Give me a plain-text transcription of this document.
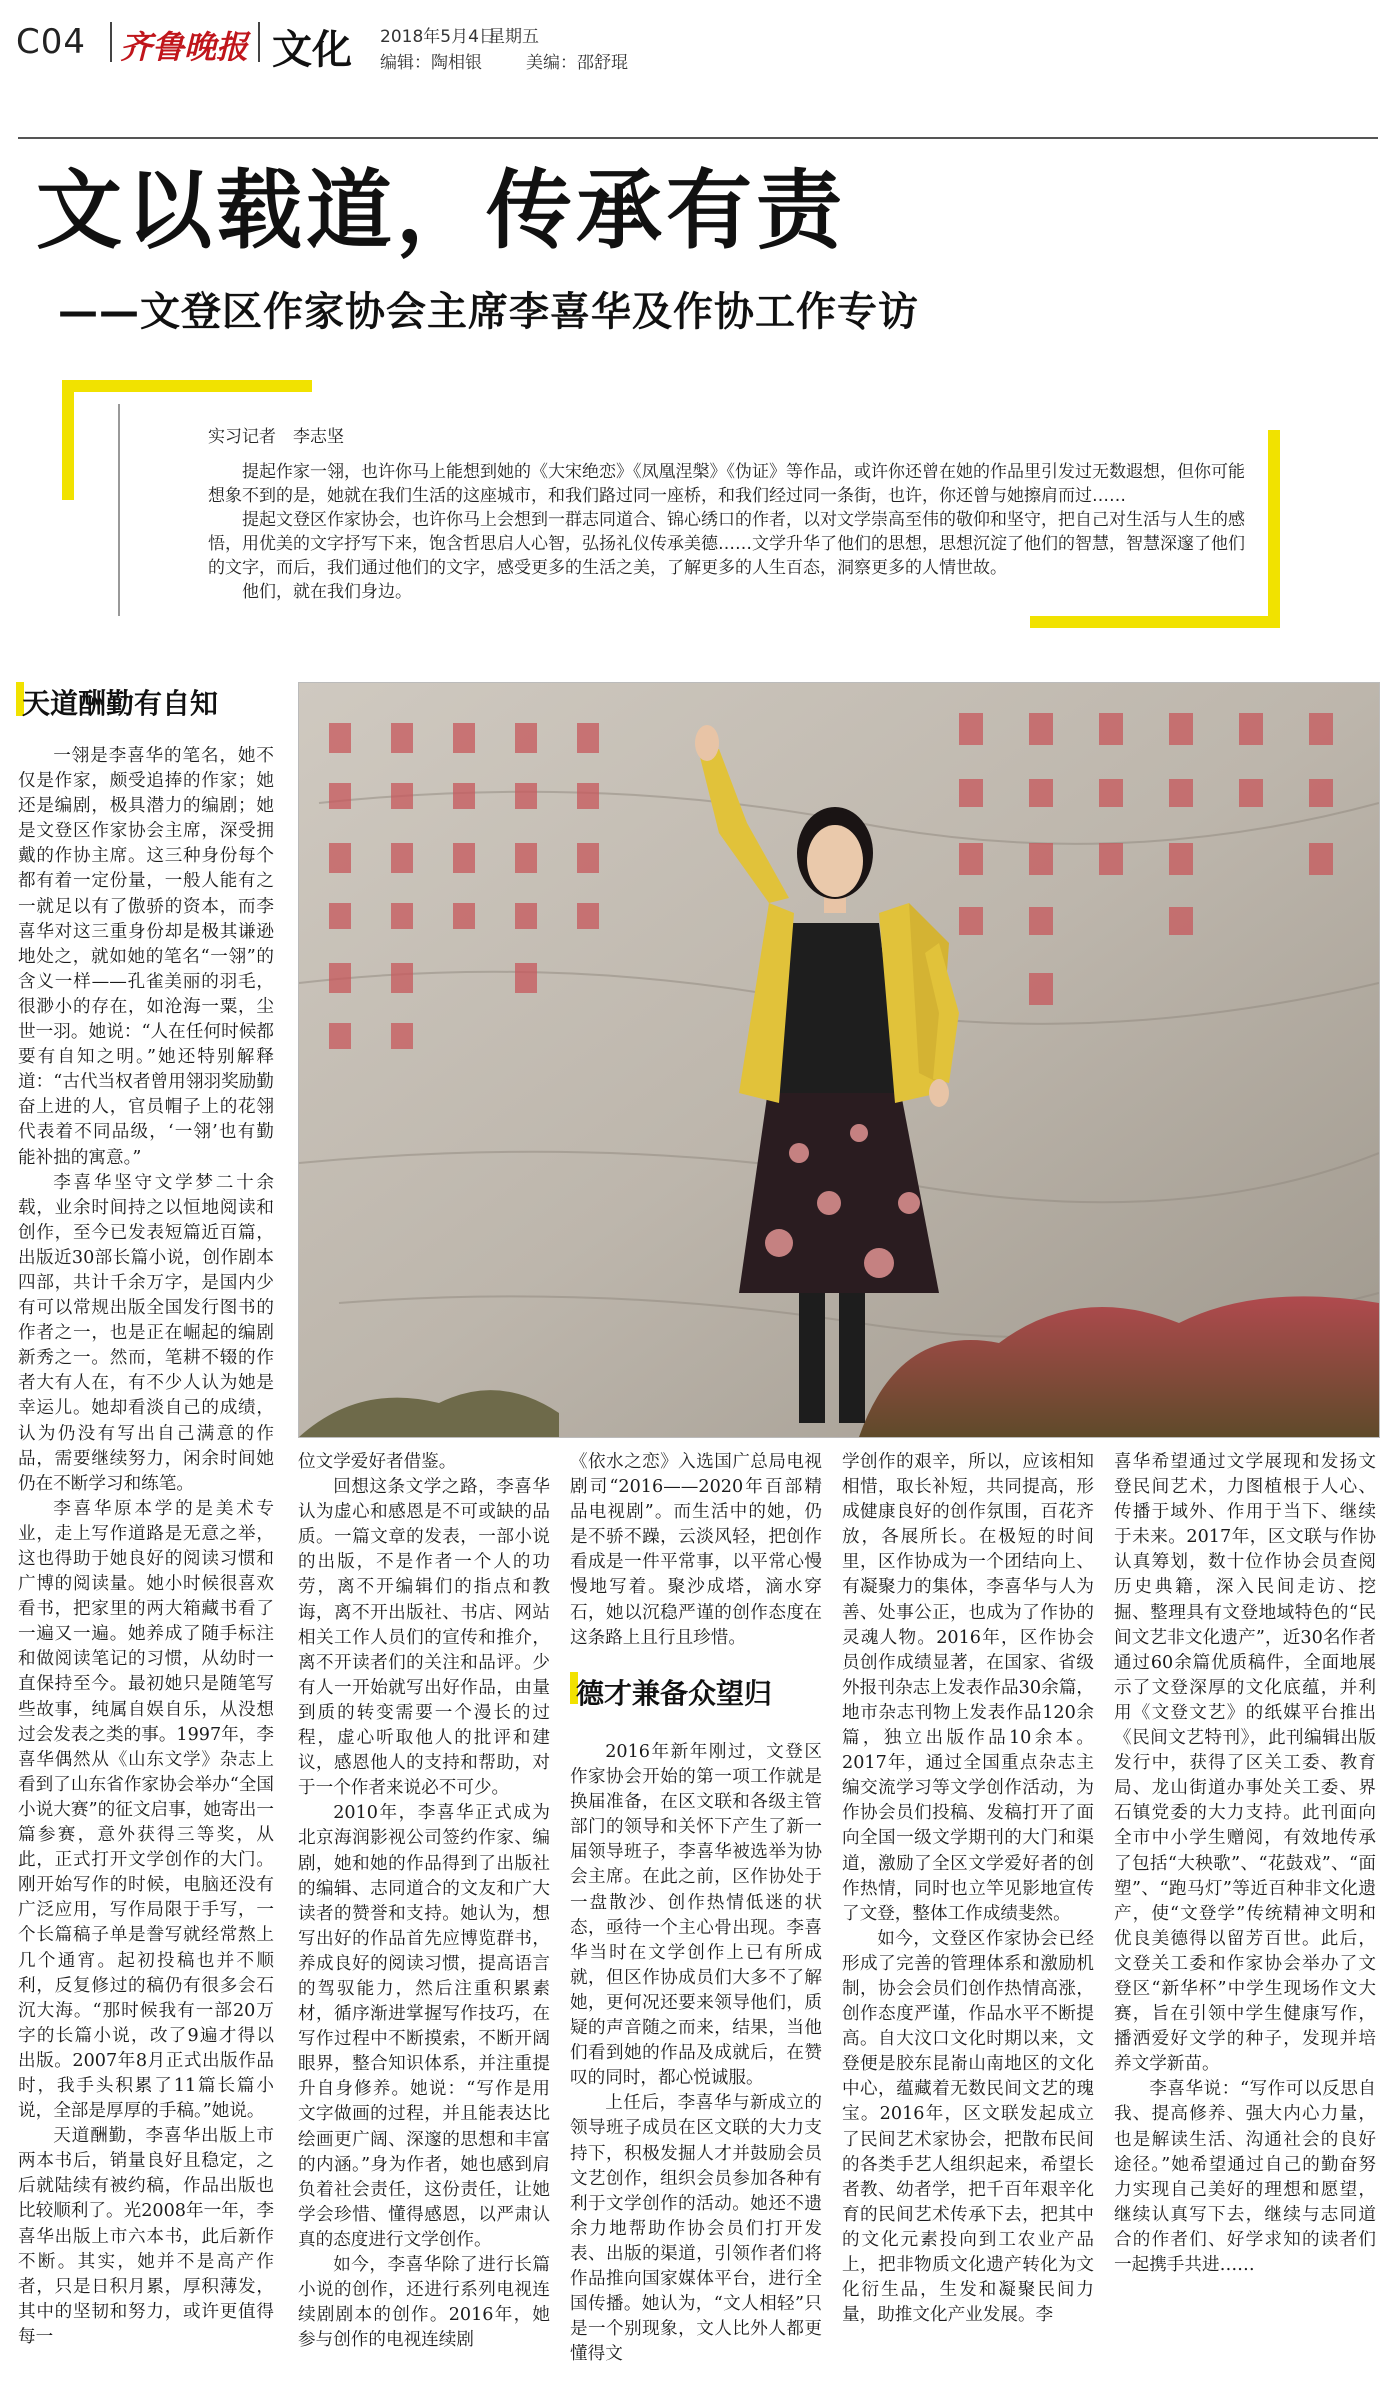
C04 齐鲁晚报 文化 2018年5月4日
星期五
编辑：陶相银	美编：邵舒琨
文以载道，传承有责
——文登区作家协会主席李喜华及作协工作专访
实习记者　李志坚

提起作家一翎，也许你马上能想到她的《大宋绝恋》《凤凰涅槃》《伪证》等作品，或许你还曾在她的作品里引发过无数遐想，但你可能想象不到的是，她就在我们生活的这座城市，和我们路过同一座桥，和我们经过同一条街，也许，你还曾与她擦肩而过……

提起文登区作家协会，也许你马上会想到一群志同道合、锦心绣口的作者，以对文学崇高至伟的敬仰和坚守，把自己对生活与人生的感悟，用优美的文字抒写下来，饱含哲思启人心智，弘扬礼仪传承美德……文学升华了他们的思想，思想沉淀了他们的智慧，智慧深邃了他们的文字，而后，我们通过他们的文字，感受更多的生活之美，了解更多的人生百态，洞察更多的人情世故。

他们，就在我们身边。

天道酬勤有自知

一翎是李喜华的笔名，她不仅是作家，颇受追捧的作家；她还是编剧，极具潜力的编剧；她是文登区作家协会主席，深受拥戴的作协主席。这三种身份每个都有着一定份量，一般人能有之一就足以有了傲骄的资本，而李喜华对这三重身份却是极其谦逊地处之，就如她的笔名“一翎”的含义一样——孔雀美丽的羽毛，很渺小的存在，如沧海一粟，尘世一羽。她说：“人在任何时候都要有自知之明。”她还特别解释道：“古代当权者曾用翎羽奖励勤奋上进的人，官员帽子上的花翎代表着不同品级，‘一翎’也有勤能补拙的寓意。”

李喜华坚守文学梦二十余载，业余时间持之以恒地阅读和创作，至今已发表短篇近百篇，出版近30部长篇小说，创作剧本四部，共计千余万字，是国内少有可以常规出版全国发行图书的作者之一，也是正在崛起的编剧新秀之一。然而，笔耕不辍的作者大有人在，有不少人认为她是幸运儿。她却看淡自己的成绩，认为仍没有写出自己满意的作品，需要继续努力，闲余时间她仍在不断学习和练笔。

李喜华原本学的是美术专业，走上写作道路是无意之举，这也得助于她良好的阅读习惯和广博的阅读量。她小时候很喜欢看书，把家里的两大箱藏书看了一遍又一遍。她养成了随手标注和做阅读笔记的习惯，从幼时一直保持至今。最初她只是随笔写些故事，纯属自娱自乐，从没想过会发表之类的事。1997年，李喜华偶然从《山东文学》杂志上看到了山东省作家协会举办“全国小说大赛”的征文启事，她寄出一篇参赛，意外获得三等奖，从此，正式打开文学创作的大门。刚开始写作的时候，电脑还没有广泛应用，写作局限于手写，一个长篇稿子单是誊写就经常熬上几个通宵。起初投稿也并不顺利，反复修过的稿仍有很多会石沉大海。“那时候我有一部20万字的长篇小说，改了9遍才得以出版。2007年8月正式出版作品时，我手头积累了11篇长篇小说，全部是厚厚的手稿。”她说。

天道酬勤，李喜华出版上市两本书后，销量良好且稳定，之后就陆续有被约稿，作品出版也比较顺利了。光2008年一年，李喜华出版上市六本书，此后新作不断。其实，她并不是高产作者，只是日积月累，厚积薄发，其中的坚韧和努力，或许更值得每一

位文学爱好者借鉴。

回想这条文学之路，李喜华认为虚心和感恩是不可或缺的品质。一篇文章的发表，一部小说的出版，不是作者一个人的功劳，离不开编辑们的指点和教诲，离不开出版社、书店、网站相关工作人员们的宣传和推介，离不开读者们的关注和品评。少有人一开始就写出好作品，由量到质的转变需要一个漫长的过程，虚心听取他人的批评和建议，感恩他人的支持和帮助，对于一个作者来说必不可少。

2010年，李喜华正式成为北京海润影视公司签约作家、编剧，她和她的作品得到了出版社的编辑、志同道合的文友和广大读者的赞誉和支持。她认为，想写出好的作品首先应博览群书，养成良好的阅读习惯，提高语言的驾驭能力，然后注重积累素材，循序渐进掌握写作技巧，在写作过程中不断摸索，不断开阔眼界，整合知识体系，并注重提升自身修养。她说：“写作是用文字做画的过程，并且能表达比绘画更广阔、深邃的思想和丰富的内涵。”身为作者，她也感到肩负着社会责任，这份责任，让她学会珍惜、懂得感恩，以严肃认真的态度进行文学创作。

如今，李喜华除了进行长篇小说的创作，还进行系列电视连续剧剧本的创作。2016年，她参与创作的电视连续剧

《依水之恋》入选国广总局电视剧司“2016——2020年百部精品电视剧”。而生活中的她，仍是不骄不躁，云淡风轻，把创作看成是一件平常事，以平常心慢慢地写着。聚沙成塔，滴水穿石，她以沉稳严谨的创作态度在这条路上且行且珍惜。

德才兼备众望归

2016年新年刚过，文登区作家协会开始的第一项工作就是换届准备，在区文联和各级主管部门的领导和关怀下产生了新一届领导班子，李喜华被选举为协会主席。在此之前，区作协处于一盘散沙、创作热情低迷的状态，亟待一个主心骨出现。李喜华当时在文学创作上已有所成就，但区作协成员们大多不了解她，更何况还要来领导他们，质疑的声音随之而来，结果，当他们看到她的作品及成就后，在赞叹的同时，都心悦诚服。

上任后，李喜华与新成立的领导班子成员在区文联的大力支持下，积极发掘人才并鼓励会员文艺创作，组织会员参加各种有利于文学创作的活动。她还不遗余力地帮助作协会员们打开发表、出版的渠道，引领作者们将作品推向国家媒体平台，进行全国传播。她认为，“文人相轻”只是一个别现象，文人比外人都更懂得文

学创作的艰辛，所以，应该相知相惜，取长补短，共同提高，形成健康良好的创作氛围，百花齐放，各展所长。在极短的时间里，区作协成为一个团结向上、有凝聚力的集体，李喜华与人为善、处事公正，也成为了作协的灵魂人物。2016年，区作协会员创作成绩显著，在国家、省级外报刊杂志上发表作品30余篇，地市杂志刊物上发表作品120余篇，独立出版作品10余本。2017年，通过全国重点杂志主编交流学习等文学创作活动，为作协会员们投稿、发稿打开了面向全国一级文学期刊的大门和渠道，激励了全区文学爱好者的创作热情，同时也立竿见影地宣传了文登，整体工作成绩斐然。

如今，文登区作家协会已经形成了完善的管理体系和激励机制，协会会员们创作热情高涨，创作态度严谨，作品水平不断提高。自大汶口文化时期以来，文登便是胶东昆嵛山南地区的文化中心，蕴藏着无数民间文艺的瑰宝。2016年，区文联发起成立了民间艺术家协会，把散布民间的各类手艺人组织起来，希望长者教、幼者学，把千百年艰辛化育的民间艺术传承下去，把其中的文化元素投向到工农业产品上，把非物质文化遗产转化为文化衍生品，生发和凝聚民间力量，助推文化产业发展。李

喜华希望通过文学展现和发扬文登民间艺术，力图植根于人心、传播于域外、作用于当下、继续于未来。2017年，区文联与作协认真筹划，数十位作协会员查阅历史典籍，深入民间走访、挖掘、整理具有文登地域特色的“民间文艺非文化遗产”，近30名作者通过60余篇优质稿件，全面地展示了文登深厚的文化底蕴，并利用《文登文艺》的纸媒平台推出《民间文艺特刊》，此刊编辑出版发行中，获得了区关工委、教育局、龙山街道办事处关工委、界石镇党委的大力支持。此刊面向全市中小学生赠阅，有效地传承了包括“大秧歌”、“花鼓戏”、“面塑”、“跑马灯”等近百种非文化遗产，使“文登学”传统精神文明和优良美德得以留芳百世。此后，文登关工委和作家协会举办了文登区“新华杯”中学生现场作文大赛，旨在引领中学生健康写作，播洒爱好文学的种子，发现并培养文学新苗。

李喜华说：“写作可以反思自我、提高修养、强大内心力量，也是解读生活、沟通社会的良好途径。”她希望通过自己的勤奋努力实现自己美好的理想和愿望，继续认真写下去，继续与志同道合的作者们、好学求知的读者们一起携手共进……
